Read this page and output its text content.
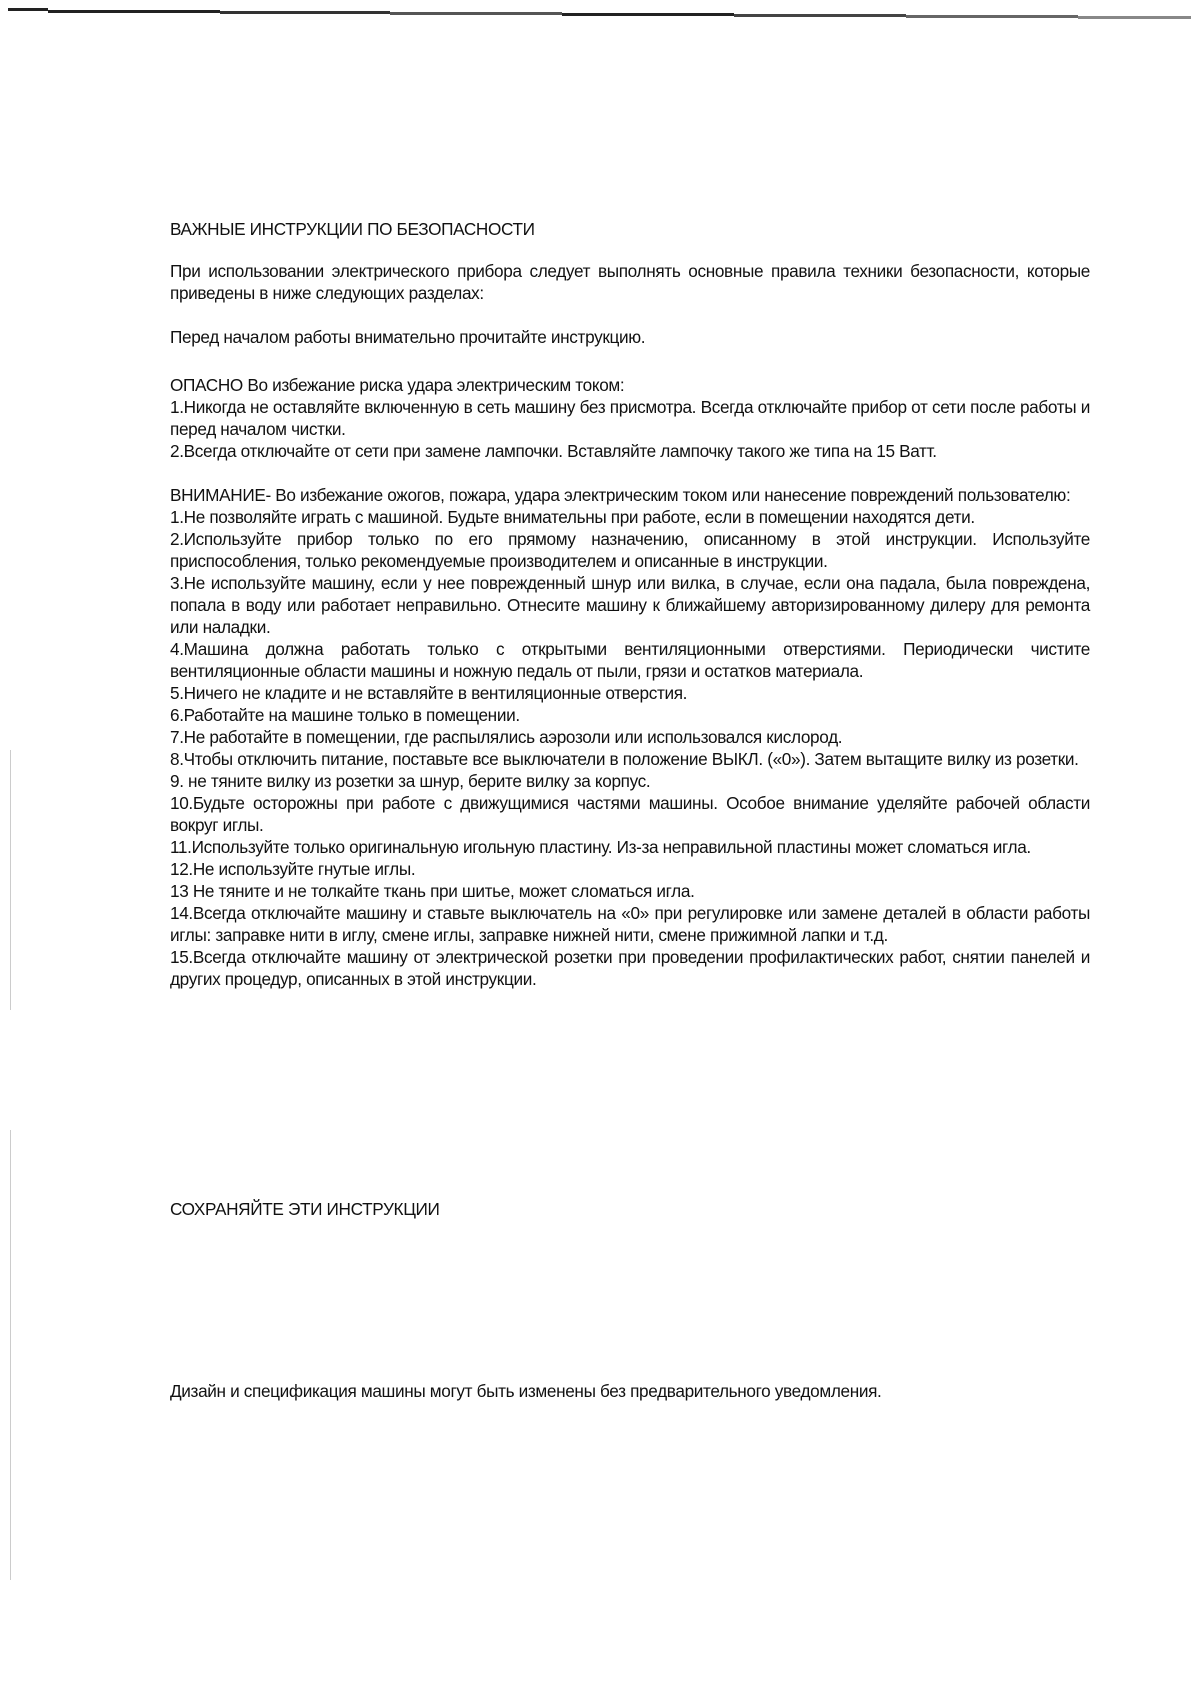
ВАЖНЫЕ ИНСТРУКЦИИ ПО БЕЗОПАСНОСТИ
При использовании электрического прибора следует выполнять основные правила техники безопасности, которые приведены в ниже следующих разделах:
Перед началом работы внимательно прочитайте инструкцию.
ОПАСНО Во избежание риска удара электрическим током:
1.Никогда не оставляйте включенную в сеть машину без присмотра. Всегда отключайте прибор от сети после работы и перед началом чистки.
2.Всегда отключайте от сети при замене лампочки. Вставляйте лампочку такого же типа на 15 Ватт.
ВНИМАНИЕ- Во избежание ожогов, пожара, удара электрическим током или нанесение повреждений пользователю:
1.Не позволяйте играть с машиной. Будьте внимательны при работе, если в помещении находятся дети.
2.Используйте прибор только по его прямому назначению, описанному в этой инструкции. Используйте приспособления, только рекомендуемые производителем и описанные в инструкции.
3.Не используйте машину, если у нее поврежденный шнур или вилка, в случае, если она падала, была повреждена, попала в воду или работает неправильно. Отнесите машину к ближайшему авторизированному дилеру для ремонта или наладки.
4.Машина должна работать только с открытыми вентиляционными отверстиями. Периодически чистите вентиляционные области машины и ножную педаль от пыли, грязи и остатков материала.
5.Ничего не кладите и не вставляйте в вентиляционные отверстия.
6.Работайте на машине только в помещении.
7.Не работайте в помещении, где распылялись аэрозоли или использовался кислород.
8.Чтобы отключить питание, поставьте все выключатели в положение ВЫКЛ. («0»). Затем вытащите вилку из розетки.
9. не тяните вилку из розетки за шнур, берите вилку за корпус.
10.Будьте осторожны при работе с движущимися частями машины. Особое внимание уделяйте рабочей области вокруг иглы.
11.Используйте только оригинальную игольную пластину. Из-за неправильной пластины может сломаться игла.
12.Не используйте гнутые иглы.
13 Не тяните и не толкайте ткань при шитье, может сломаться игла.
14.Всегда отключайте машину и ставьте выключатель на «0» при регулировке или замене деталей в области работы иглы: заправке нити в иглу, смене иглы, заправке нижней нити, смене прижимной лапки и т.д.
15.Всегда отключайте машину от электрической розетки при проведении профилактических работ, снятии панелей и других процедур, описанных в этой инструкции.
СОХРАНЯЙТЕ ЭТИ ИНСТРУКЦИИ
Дизайн и спецификация машины могут быть изменены без предварительного уведомления.
